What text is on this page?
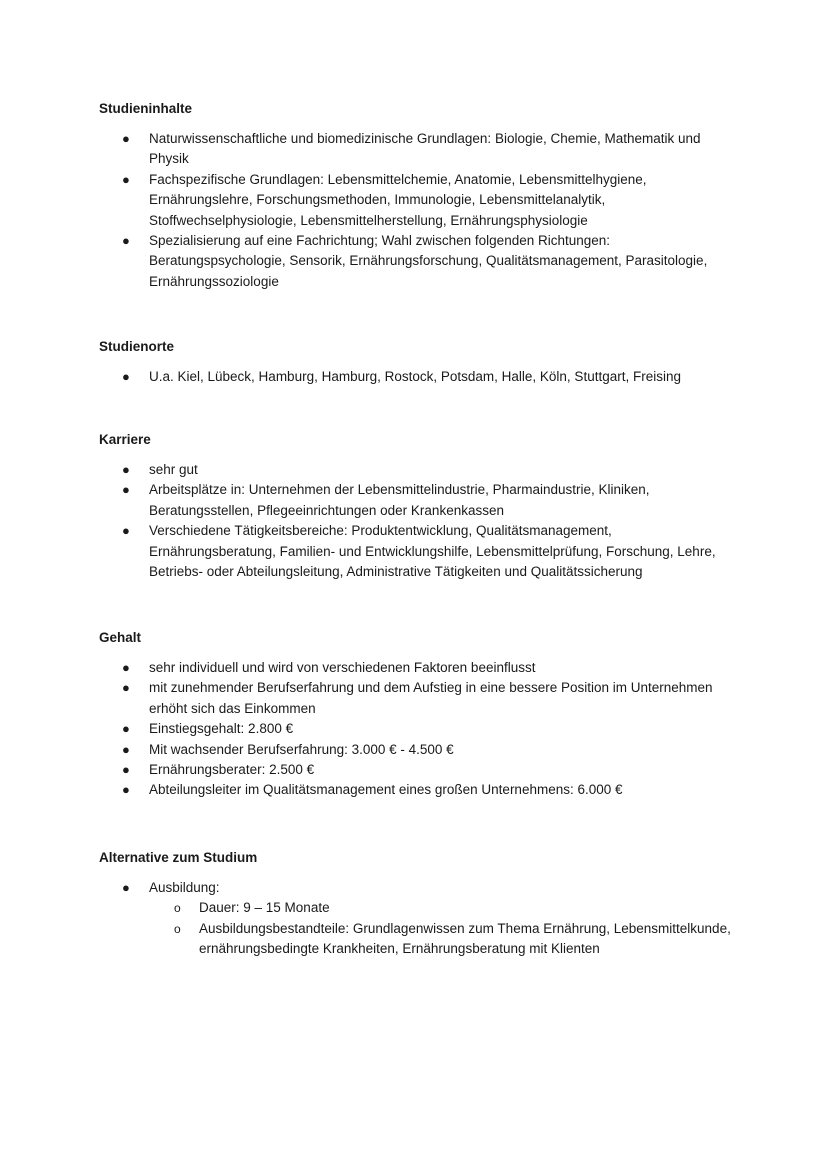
Studieninhalte
● Naturwissenschaftliche und biomedizinische Grundlagen: Biologie, Chemie, Mathematik und Physik
● Fachspezifische Grundlagen: Lebensmittelchemie, Anatomie, Lebensmittelhygiene, Ernährungslehre, Forschungsmethoden, Immunologie, Lebensmittelanalytik, Stoffwechselphysiologie, Lebensmittelherstellung, Ernährungsphysiologie
● Spezialisierung auf eine Fachrichtung; Wahl zwischen folgenden Richtungen: Beratungspsychologie, Sensorik, Ernährungsforschung, Qualitätsmanagement, Parasitologie, Ernährungssoziologie
Studienorte
● U.a. Kiel, Lübeck, Hamburg, Hamburg, Rostock, Potsdam, Halle, Köln, Stuttgart, Freising
Karriere
● sehr gut
● Arbeitsplätze in: Unternehmen der Lebensmittelindustrie, Pharmaindustrie, Kliniken, Beratungsstellen, Pflegeeinrichtungen oder Krankenkassen
● Verschiedene Tätigkeitsbereiche: Produktentwicklung, Qualitätsmanagement, Ernährungsberatung, Familien- und Entwicklungshilfe, Lebensmittelprüfung, Forschung, Lehre, Betriebs- oder Abteilungsleitung, Administrative Tätigkeiten und Qualitätssicherung
Gehalt
● sehr individuell und wird von verschiedenen Faktoren beeinflusst
● mit zunehmender Berufserfahrung und dem Aufstieg in eine bessere Position im Unternehmen erhöht sich das Einkommen
● Einstiegsgehalt: 2.800 €
● Mit wachsender Berufserfahrung: 3.000 € - 4.500 €
● Ernährungsberater: 2.500 €
● Abteilungsleiter im Qualitätsmanagement eines großen Unternehmens: 6.000 €
Alternative zum Studium
● Ausbildung:
o Dauer: 9 – 15 Monate
o Ausbildungsbestandteile: Grundlagenwissen zum Thema Ernährung, Lebensmittelkunde, ernährungsbedingte Krankheiten, Ernährungsberatung mit Klienten
